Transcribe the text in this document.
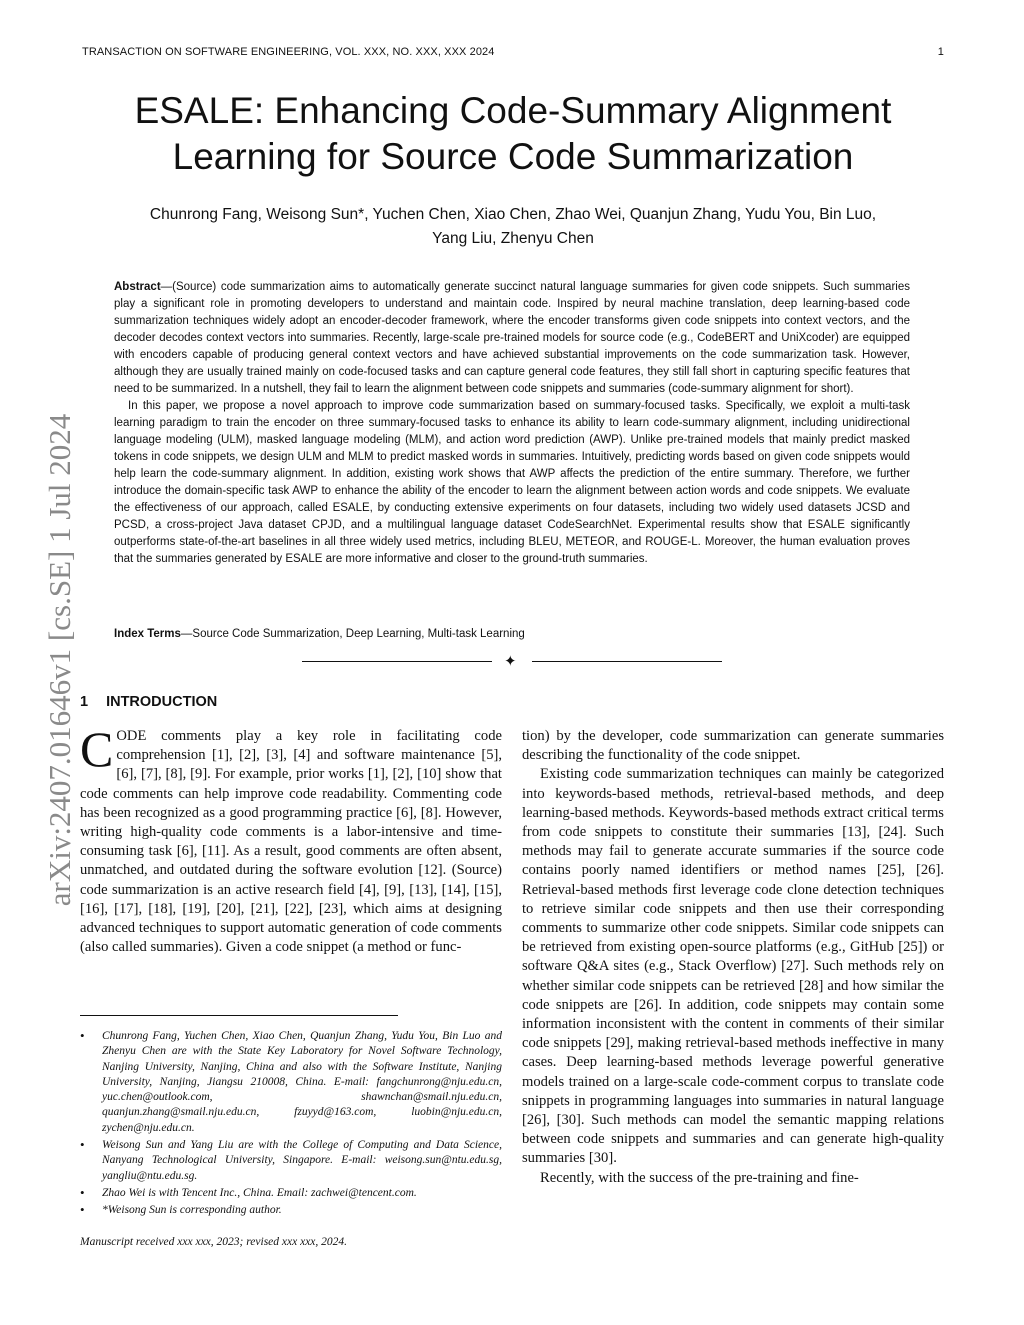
TRANSACTION ON SOFTWARE ENGINEERING, VOL. XXX, NO. XXX, XXX 2024	1
arXiv:2407.01646v1 [cs.SE] 1 Jul 2024
ESALE: Enhancing Code-Summary Alignment
Learning for Source Code Summarization
Chunrong Fang, Weisong Sun*, Yuchen Chen, Xiao Chen, Zhao Wei, Quanjun Zhang, Yudu You, Bin Luo,
Yang Liu, Zhenyu Chen

Abstract—(Source) code summarization aims to automatically generate succinct natural language summaries for given code snippets. Such summaries play a significant role in promoting developers to understand and maintain code. Inspired by neural machine translation, deep learning-based code summarization techniques widely adopt an encoder-decoder framework, where the encoder transforms given code snippets into context vectors, and the decoder decodes context vectors into summaries. Recently, large-scale pre-trained models for source code (e.g., CodeBERT and UniXcoder) are equipped with encoders capable of producing general context vectors and have achieved substantial improvements on the code summarization task. However, although they are usually trained mainly on code-focused tasks and can capture general code features, they still fall short in capturing specific features that need to be summarized. In a nutshell, they fail to learn the alignment between code snippets and summaries (code-summary alignment for short).

In this paper, we propose a novel approach to improve code summarization based on summary-focused tasks. Specifically, we exploit a multi-task learning paradigm to train the encoder on three summary-focused tasks to enhance its ability to learn code-summary alignment, including unidirectional language modeling (ULM), masked language modeling (MLM), and action word prediction (AWP). Unlike pre-trained models that mainly predict masked tokens in code snippets, we design ULM and MLM to predict masked words in summaries. Intuitively, predicting words based on given code snippets would help learn the code-summary alignment. In addition, existing work shows that AWP affects the prediction of the entire summary. Therefore, we further introduce the domain-specific task AWP to enhance the ability of the encoder to learn the alignment between action words and code snippets. We evaluate the effectiveness of our approach, called ESALE, by conducting extensive experiments on four datasets, including two widely used datasets JCSD and PCSD, a cross-project Java dataset CPJD, and a multilingual language dataset CodeSearchNet. Experimental results show that ESALE significantly outperforms state-of-the-art baselines in all three widely used metrics, including BLEU, METEOR, and ROUGE-L. Moreover, the human evaluation proves that the summaries generated by ESALE are more informative and closer to the ground-truth summaries.

Index Terms—Source Code Summarization, Deep Learning, Multi-task Learning
✦
1 INTRODUCTION

CODE comments play a key role in facilitating code comprehension [1], [2], [3], [4] and software maintenance [5], [6], [7], [8], [9]. For example, prior works [1], [2], [10] show that code comments can help improve code readability. Commenting code has been recognized as a good programming practice [6], [8]. However, writing high-quality code comments is a labor-intensive and time-consuming task [6], [11]. As a result, good comments are often absent, unmatched, and outdated during the software evolution [12]. (Source) code summarization is an active research field [4], [9], [13], [14], [15], [16], [17], [18], [19], [20], [21], [22], [23], which aims at designing advanced techniques to support automatic generation of code comments (also called summaries). Given a code snippet (a method or func-

tion) by the developer, code summarization can generate summaries describing the functionality of the code snippet.

Existing code summarization techniques can mainly be categorized into keywords-based methods, retrieval-based methods, and deep learning-based methods. Keywords-based methods extract critical terms from code snippets to constitute their summaries [13], [24]. Such methods may fail to generate accurate summaries if the source code contains poorly named identifiers or method names [25], [26]. Retrieval-based methods first leverage code clone detection techniques to retrieve similar code snippets and then use their corresponding comments to summarize other code snippets. Similar code snippets can be retrieved from existing open-source platforms (e.g., GitHub [25]) or software Q&A sites (e.g., Stack Overflow) [27]. Such methods rely on whether similar code snippets can be retrieved [28] and how similar the code snippets are [26]. In addition, code snippets may contain some information inconsistent with the content in comments of their similar code snippets [29], making retrieval-based methods ineffective in many cases. Deep learning-based methods leverage powerful generative models trained on a large-scale code-comment corpus to translate code snippets in programming languages into summaries in natural language [26], [30]. Such methods can model the semantic mapping relations between code snippets and summaries and can generate high-quality summaries [30].

Recently, with the success of the pre-training and fine-

• Chunrong Fang, Yuchen Chen, Xiao Chen, Quanjun Zhang, Yudu You, Bin Luo and Zhenyu Chen are with the State Key Laboratory for Novel Software Technology, Nanjing University, Nanjing, China and also with the Software Institute, Nanjing University, Nanjing, Jiangsu 210008, China. E-mail: fangchunrong@nju.edu.cn, yuc.chen@outlook.com, shawnchan@smail.nju.edu.cn, quanjun.zhang@smail.nju.edu.cn, fzuyyd@163.com, luobin@nju.edu.cn, zychen@nju.edu.cn.
• Weisong Sun and Yang Liu are with the College of Computing and Data Science, Nanyang Technological University, Singapore. E-mail: weisong.sun@ntu.edu.sg, yangliu@ntu.edu.sg.
• Zhao Wei is with Tencent Inc., China. Email: zachwei@tencent.com.
• *Weisong Sun is corresponding author.
Manuscript received xxx xxx, 2023; revised xxx xxx, 2024.
